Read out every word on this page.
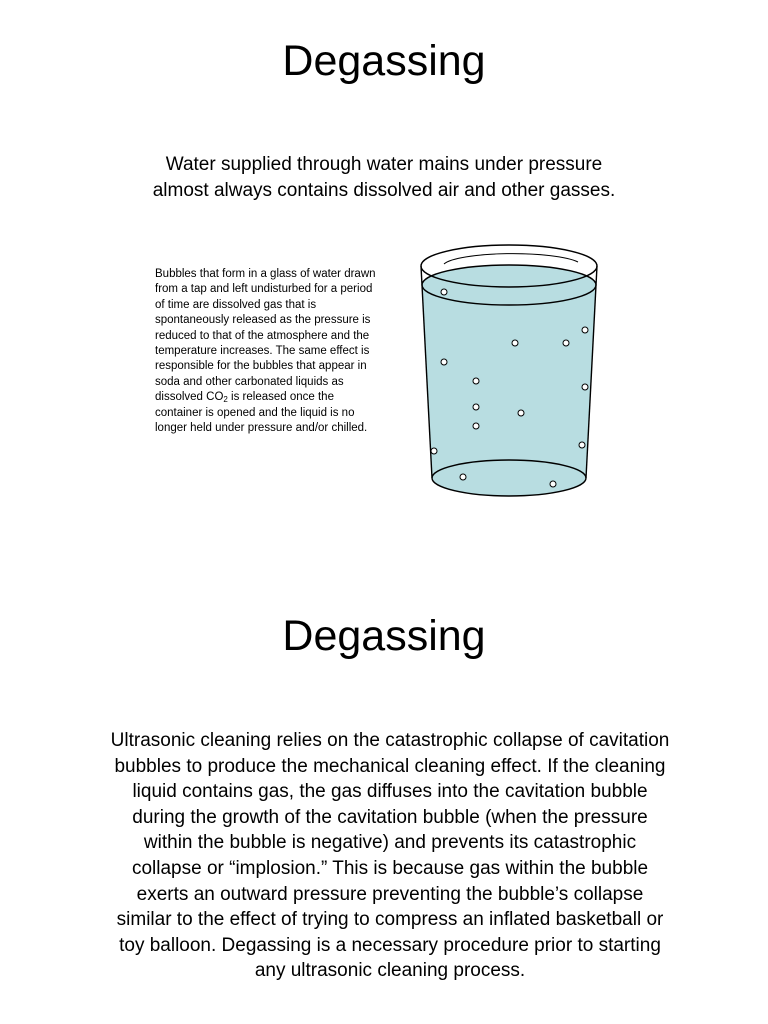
Degassing

Water supplied through water mains under pressure
almost always contains dissolved air and other gasses.

Bubbles that form in a glass of water drawn from a tap and left undisturbed for a period of time are dissolved gas that is spontaneously released as the pressure is reduced to that of the atmosphere and the temperature increases. The same effect is responsible for the bubbles that appear in soda and other carbonated liquids as dissolved $CO_2$ is released once the container is opened and the liquid is no longer held under pressure and/or chilled.

Degassing

Ultrasonic cleaning relies on the catastrophic collapse of cavitation bubbles to produce the mechanical cleaning effect. If the cleaning liquid contains gas, the gas diffuses into the cavitation bubble during the growth of the cavitation bubble (when the pressure within the bubble is negative) and prevents its catastrophic collapse or “implosion.” This is because gas within the bubble exerts an outward pressure preventing the bubble’s collapse similar to the effect of trying to compress an inflated basketball or toy balloon. Degassing is a necessary procedure prior to starting any ultrasonic cleaning process.
